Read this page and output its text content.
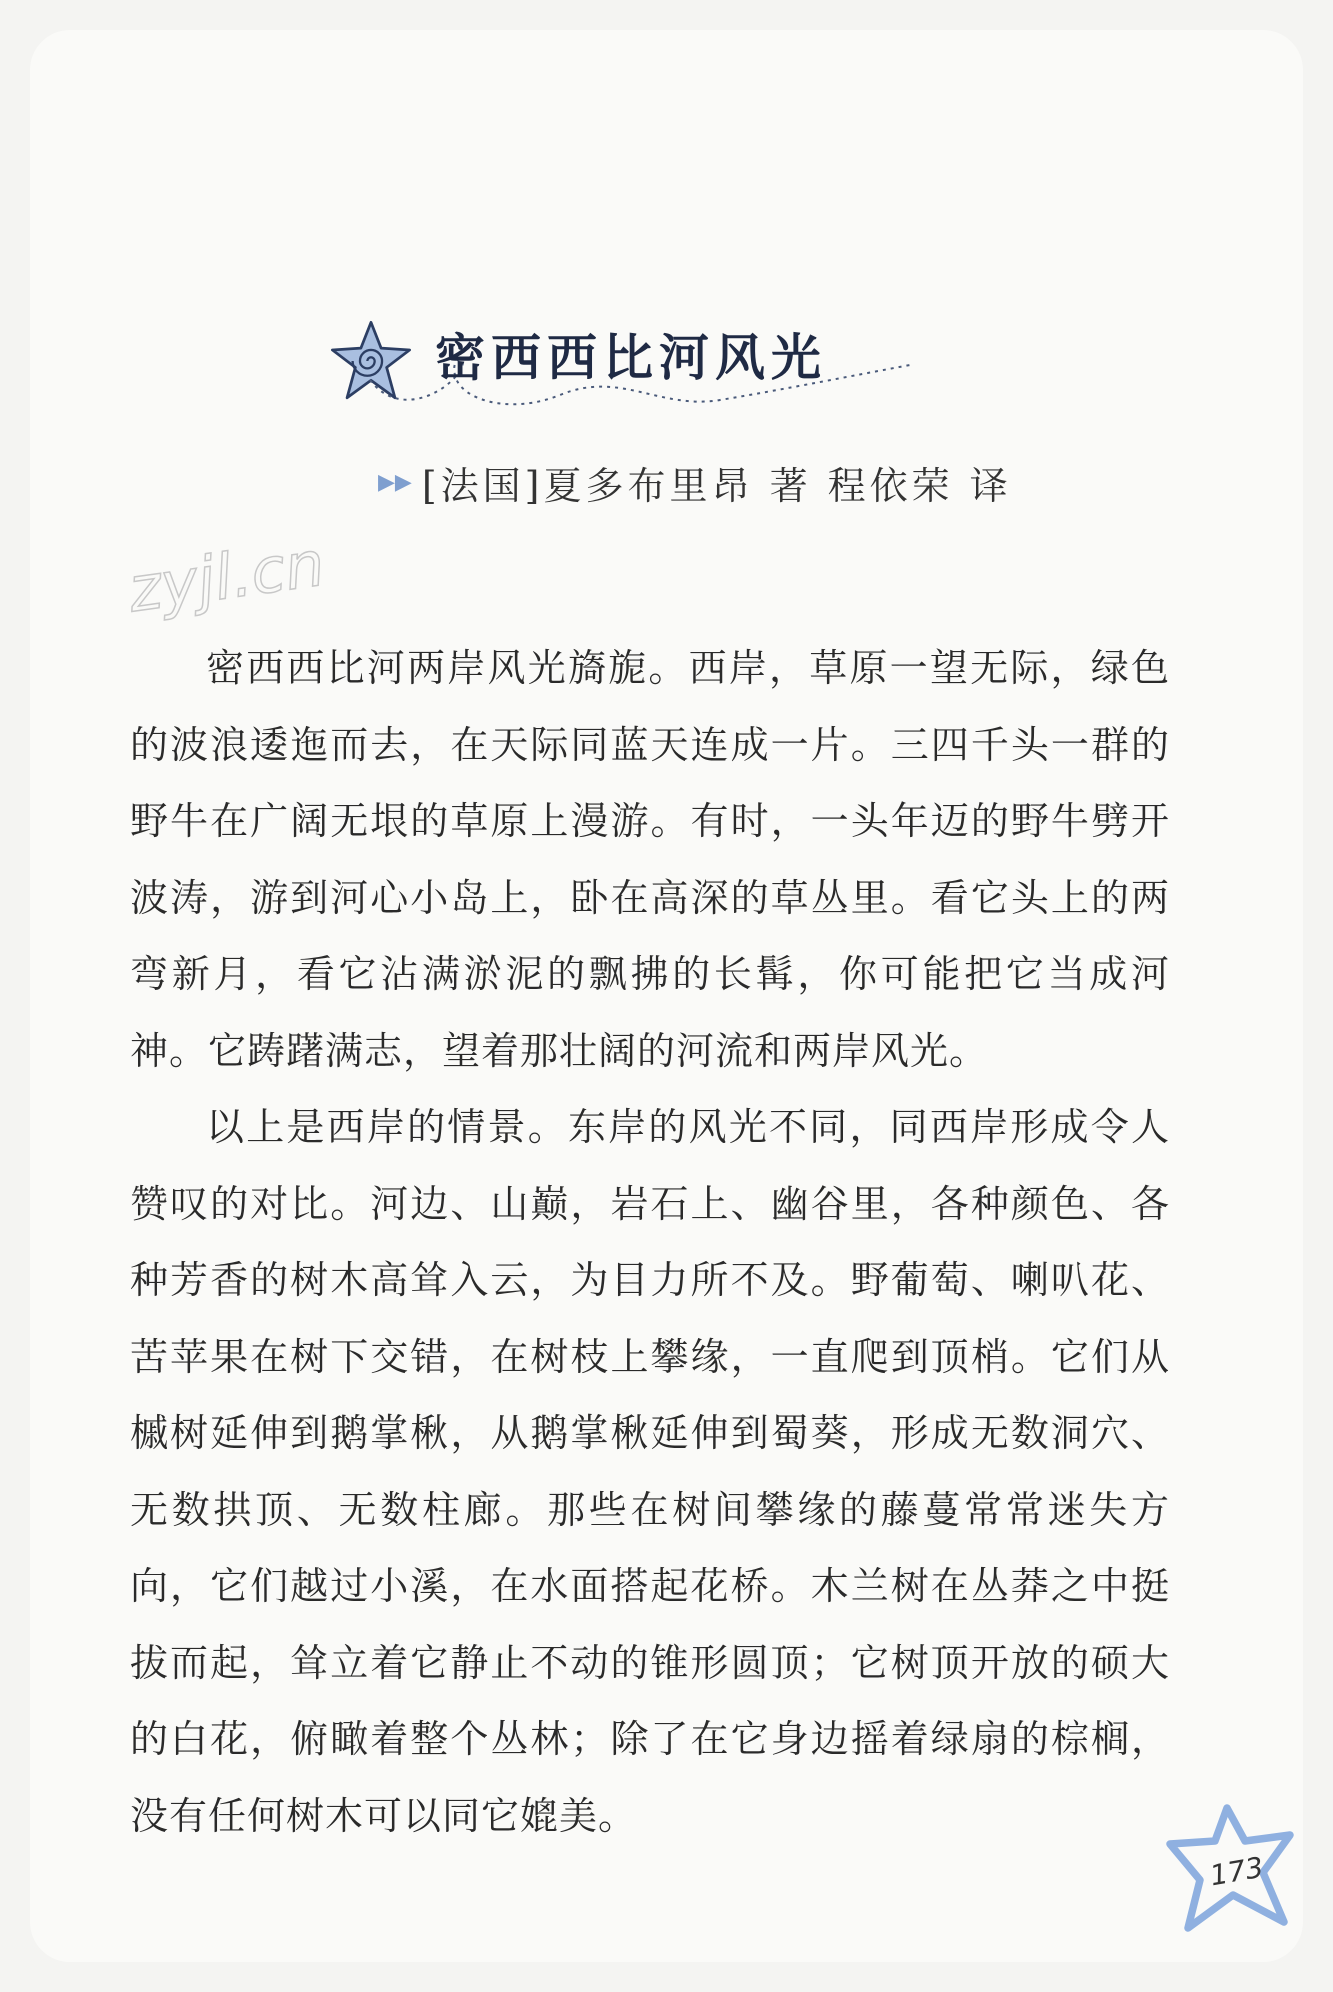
密西西比河风光
▶▶ [法国]夏多布里昂 著 程依荣 译
zyjl.cn

密西西比河两岸风光旖旎。西岸，草原一望无际，绿色的波浪逶迤而去，在天际同蓝天连成一片。三四千头一群的野牛在广阔无垠的草原上漫游。有时，一头年迈的野牛劈开波涛，游到河心小岛上，卧在高深的草丛里。看它头上的两弯新月，看它沾满淤泥的飘拂的长髯，你可能把它当成河神。它踌躇满志，望着那壮阔的河流和两岸风光。

以上是西岸的情景。东岸的风光不同，同西岸形成令人赞叹的对比。河边、山巅，岩石上、幽谷里，各种颜色、各种芳香的树木高耸入云，为目力所不及。野葡萄、喇叭花、苦苹果在树下交错，在树枝上攀缘，一直爬到顶梢。它们从槭树延伸到鹅掌楸，从鹅掌楸延伸到蜀葵，形成无数洞穴、无数拱顶、无数柱廊。那些在树间攀缘的藤蔓常常迷失方向，它们越过小溪，在水面搭起花桥。木兰树在丛莽之中挺拔而起，耸立着它静止不动的锥形圆顶；它树顶开放的硕大的白花，俯瞰着整个丛林；除了在它身边摇着绿扇的棕榈，没有任何树木可以同它媲美。

173
